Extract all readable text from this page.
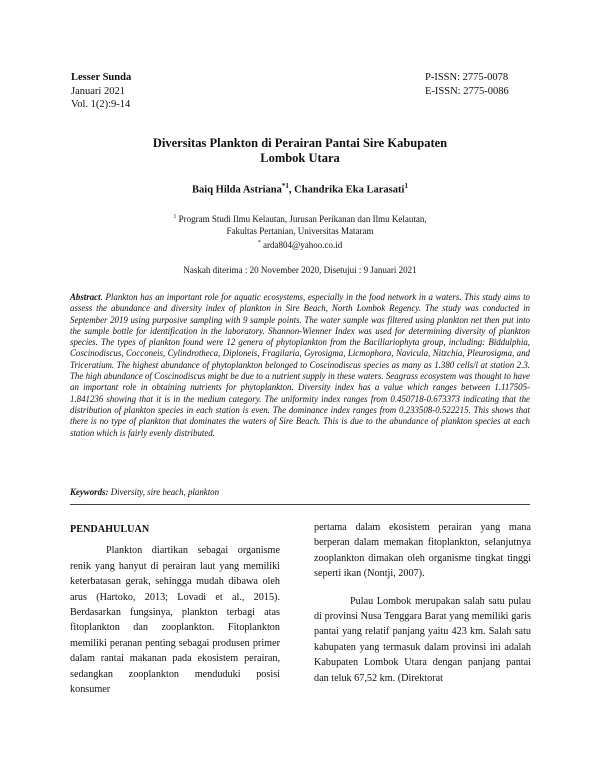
Lesser Sunda
Januari 2021
Vol. 1(2):9-14
P-ISSN: 2775-0078
E-ISSN: 2775-0086
Diversitas Plankton di Perairan Pantai Sire Kabupaten
Lombok Utara
Baiq Hilda Astriana$^{*1}$, Chandrika Eka Larasati$^1$
$^1$ Program Studi Ilmu Kelautan, Jurusan Perikanan dan Ilmu Kelautan,
Fakultas Pertanian, Universitas Mataram
* arda804@yahoo.co.id
Naskah diterima : 20 November 2020, Disetujui : 9 Januari 2021
Abstract. Plankton has an important role for aquatic ecosystems, especially in the food network in a waters. This study aims to assess the abundance and diversity index of plankton in Sire Beach, North Lombok Regency. The study was conducted in September 2019 using purposive sampling with 9 sample points. The water sample was filtered using plankton net then put into the sample bottle for identification in the laboratory. Shannon-Wienner Index was used for determining diversity of plankton species. The types of plankton found were 12 genera of phytoplankton from the Bacillariophyta group, including: Biddulphia, Coscinodiscus, Cocconeis, Cylindrotheca, Diploneis, Fragilaria, Gyrosigma, Licmophora, Navicula, Nitzchia, Pleurosigma, and Triceratium. The highest abundance of phytoplankton belonged to Coscinodiscus species as many as 1.380 cells/l at station 2.3. The high abundance of Coscinodiscus might be due to a nutrient supply in these waters. Seagrass ecosystem was thought to have an important role in obtaining nutrients for phytoplankton. Diversity index has a value which ranges between 1.117505-1.841236 showing that it is in the medium category. The uniformity index ranges from 0.450718-0.673373 indicating that the distribution of plankton species in each station is even. The dominance index ranges from 0.233508-0.522215. This shows that there is no type of plankton that dominates the waters of Sire Beach. This is due to the abundance of plankton species at each station which is fairly evenly distributed.
Keywords: Diversity, sire beach, plankton
PENDAHULUAN

Plankton diartikan sebagai organisme renik yang hanyut di perairan laut yang memiliki keterbatasan gerak, sehingga mudah dibawa oleh arus (Hartoko, 2013; Lovadi et al., 2015). Berdasarkan fungsinya, plankton terbagi atas fitoplankton dan zooplankton. Fitoplankton memiliki peranan penting sebagai produsen primer dalam rantai makanan pada ekosistem perairan, sedangkan zooplankton menduduki posisi konsumer

pertama dalam ekosistem perairan yang mana berperan dalam memakan fitoplankton, selanjutnya zooplankton dimakan oleh organisme tingkat tinggi seperti ikan (Nontji, 2007).

Pulau Lombok merupakan salah satu pulau di provinsi Nusa Tenggara Barat yang memiliki garis pantai yang relatif panjang yaitu 423 km. Salah satu kabupaten yang termasuk dalam provinsi ini adalah Kabupaten Lombok Utara dengan panjang pantai dan teluk 67,52 km. (Direktorat
